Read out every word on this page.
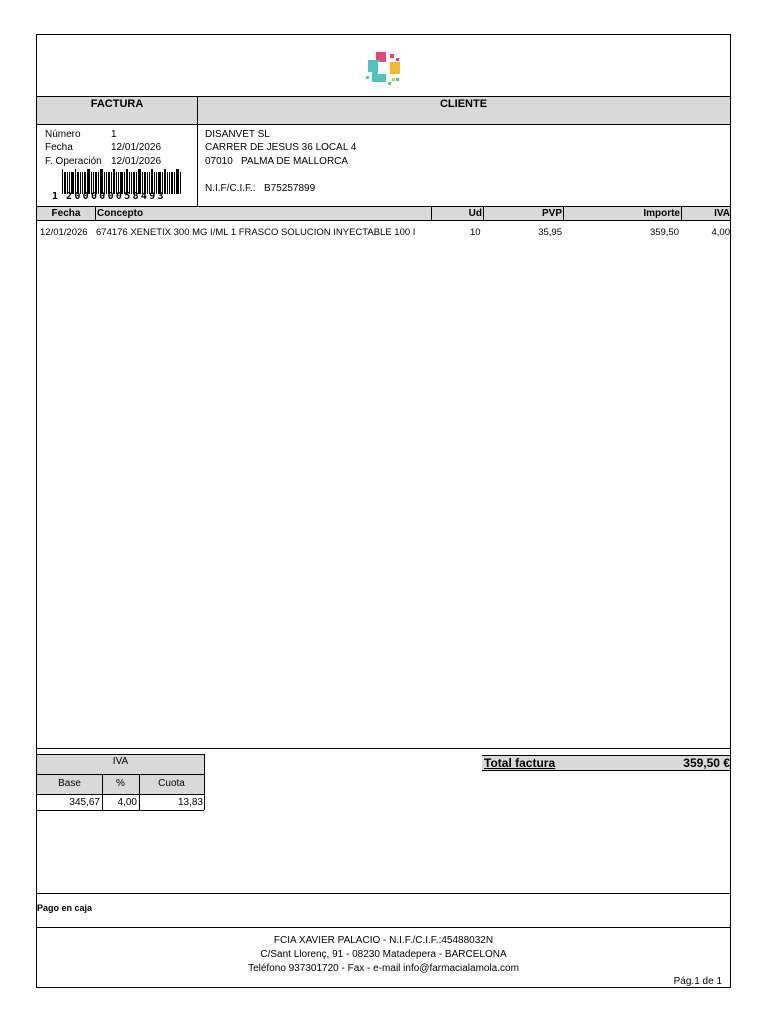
FACTURA	CLIENTE
Número	1
Fecha	12/01/2026
F. Operación 12/01/2026
1 200000058493
DISANVET SL
CARRER DE JESUS 36 LOCAL 4
07010 PALMA DE MALLORCA
N.I.F/C.I.F.: B75257899
Fecha	Concepto	Ud	PVP	Importe	IVA
12/01/2026 674176 XENETIX 300 MG I/ML 1 FRASCO SOLUCION INYECTABLE 100 I	10	35,95	359,50	4,00
IVA
Base	%	Cuota
345,67	4,00	13,83
Total factura	359,50 €
Pago en caja
FCIA XAVIER PALACIO - N.I.F./C.I.F.:45488032N
C/Sant Llorenç, 91 - 08230 Matadepera - BARCELONA
Teléfono 937301720 - Fax - e-mail info@farmacialamola.com
Pág.1 de 1
